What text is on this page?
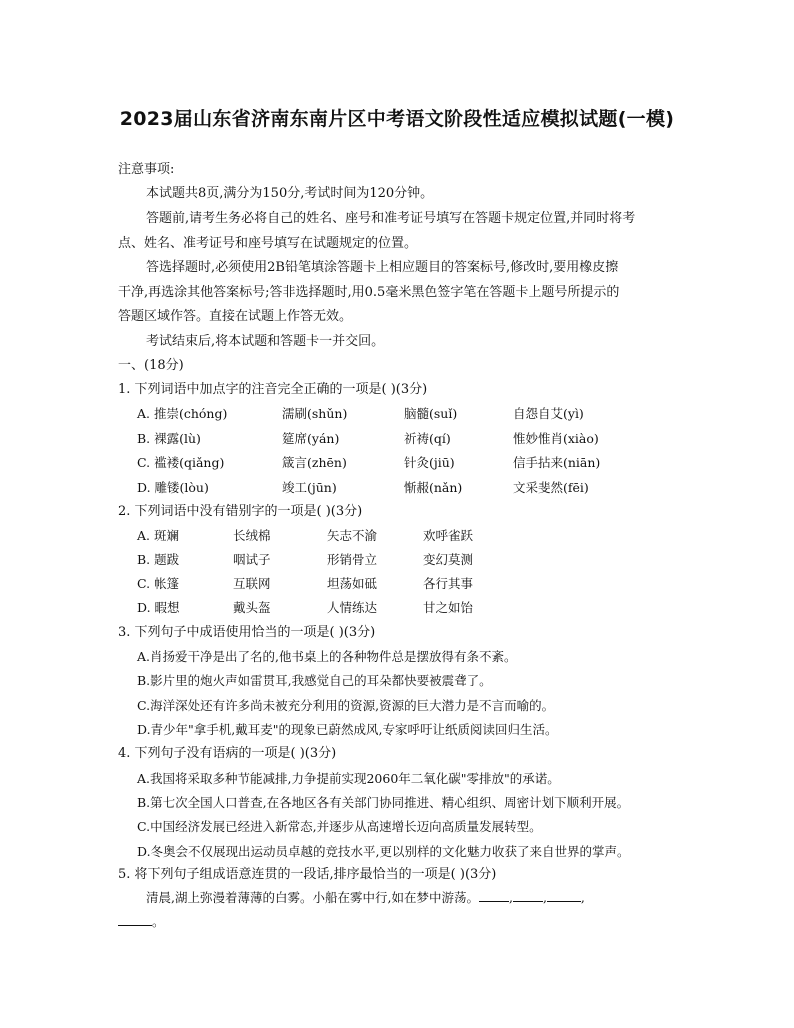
2023届山东省济南东南片区中考语文阶段性适应模拟试题(一模)
注意事项:
本试题共8页,满分为150分,考试时间为120分钟。
答题前,请考生务必将自己的姓名、座号和准考证号填写在答题卡规定位置,并同时将考
点、姓名、准考证号和座号填写在试题规定的位置。
答选择题时,必须使用2B铅笔填涂答题卡上相应题目的答案标号,修改时,要用橡皮擦
干净,再选涂其他答案标号;答非选择题时,用0.5毫米黑色签字笔在答题卡上题号所提示的
答题区域作答。直接在试题上作答无效。
考试结束后,将本试题和答题卡一并交回。
一、(18分)
1. 下列词语中加点字的注音完全正确的一项是( )(3分)
A. 推崇(chóng)	濡刷(shǔn)	脑髓(suǐ)	自怨自艾(yì)
B. 裸露(lù)	筵席(yán)	祈祷(qí)	惟妙惟肖(xiào)
C. 褴褛(qiǎng)	箴言(zhēn)	针灸(jiū)	信手拈来(niān)
D. 雕镂(lòu)	竣工(jūn)	惭赧(nǎn)	文采斐然(fēi)
2. 下列词语中没有错别字的一项是( )(3分)
A. 斑斓	长绒棉	矢志不渝	欢呼雀跃
B. 题跋	咽试子	形销骨立	变幻莫测
C. 帐篷	互联网	坦荡如砥	各行其事
D. 暇想	戴头盔	人情练达	甘之如饴
3. 下列句子中成语使用恰当的一项是( )(3分)
A.肖扬爱干净是出了名的,他书桌上的各种物件总是摆放得有条不紊。
B.影片里的炮火声如雷贯耳,我感觉自己的耳朵都快要被震聋了。
C.海洋深处还有许多尚未被充分利用的资源,资源的巨大潜力是不言而喻的。
D.青少年"拿手机,戴耳麦"的现象已蔚然成风,专家呼吁让纸质阅读回归生活。
4. 下列句子没有语病的一项是( )(3分)
A.我国将采取多种节能减排,力争提前实现2060年二氧化碳"零排放"的承诺。
B.第七次全国人口普查,在各地区各有关部门协同推进、精心组织、周密计划下顺利开展。
C.中国经济发展已经进入新常态,并逐步从高速增长迈向高质量发展转型。
D.冬奥会不仅展现出运动员卓越的竞技水平,更以别样的文化魅力收获了来自世界的掌声。
5. 将下列句子组成语意连贯的一段话,排序最恰当的一项是( )(3分)
清晨,湖上弥漫着薄薄的白雾。小船在雾中行,如在梦中游荡。 , ,	,
。
